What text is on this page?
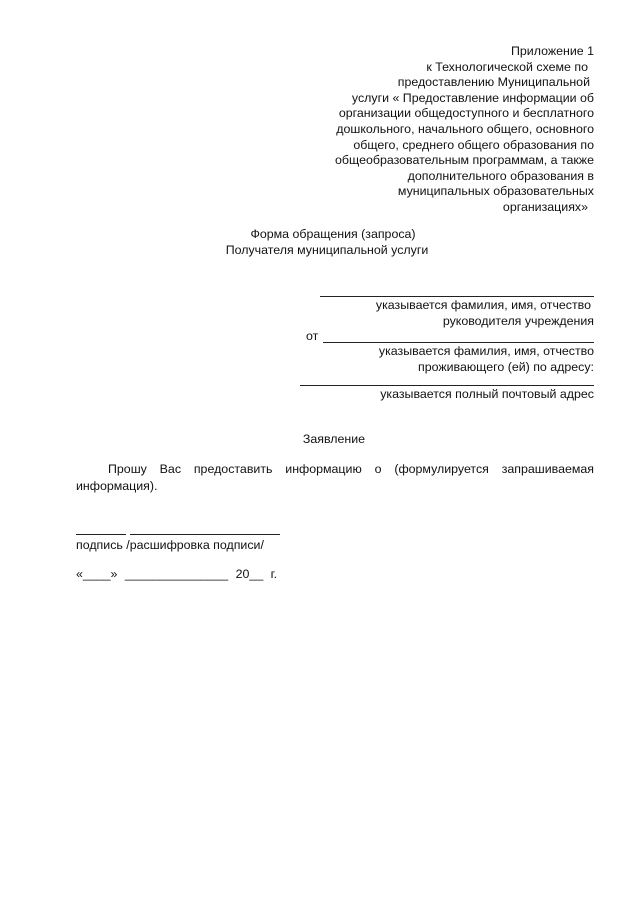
Приложение 1
к Технологической схеме по
предоставлению Муниципальной
услуги « Предоставление информации об
организации общедоступного и бесплатного
дошкольного, начального общего, основного
общего, среднего общего образования по
общеобразовательным программам, а также
дополнительного образования в
муниципальных образовательных
организациях»
Форма обращения (запроса)
Получателя муниципальной услуги
указывается фамилия, имя, отчество
руководителя учреждения
от
указывается фамилия, имя, отчество
проживающего (ей) по адресу:
указывается полный почтовый адрес
Заявление
Прошу Вас предоставить информацию о (формулируется запрашиваемая информация).
подпись /расшифровка подписи/
«____» _______________ 20__ г.
